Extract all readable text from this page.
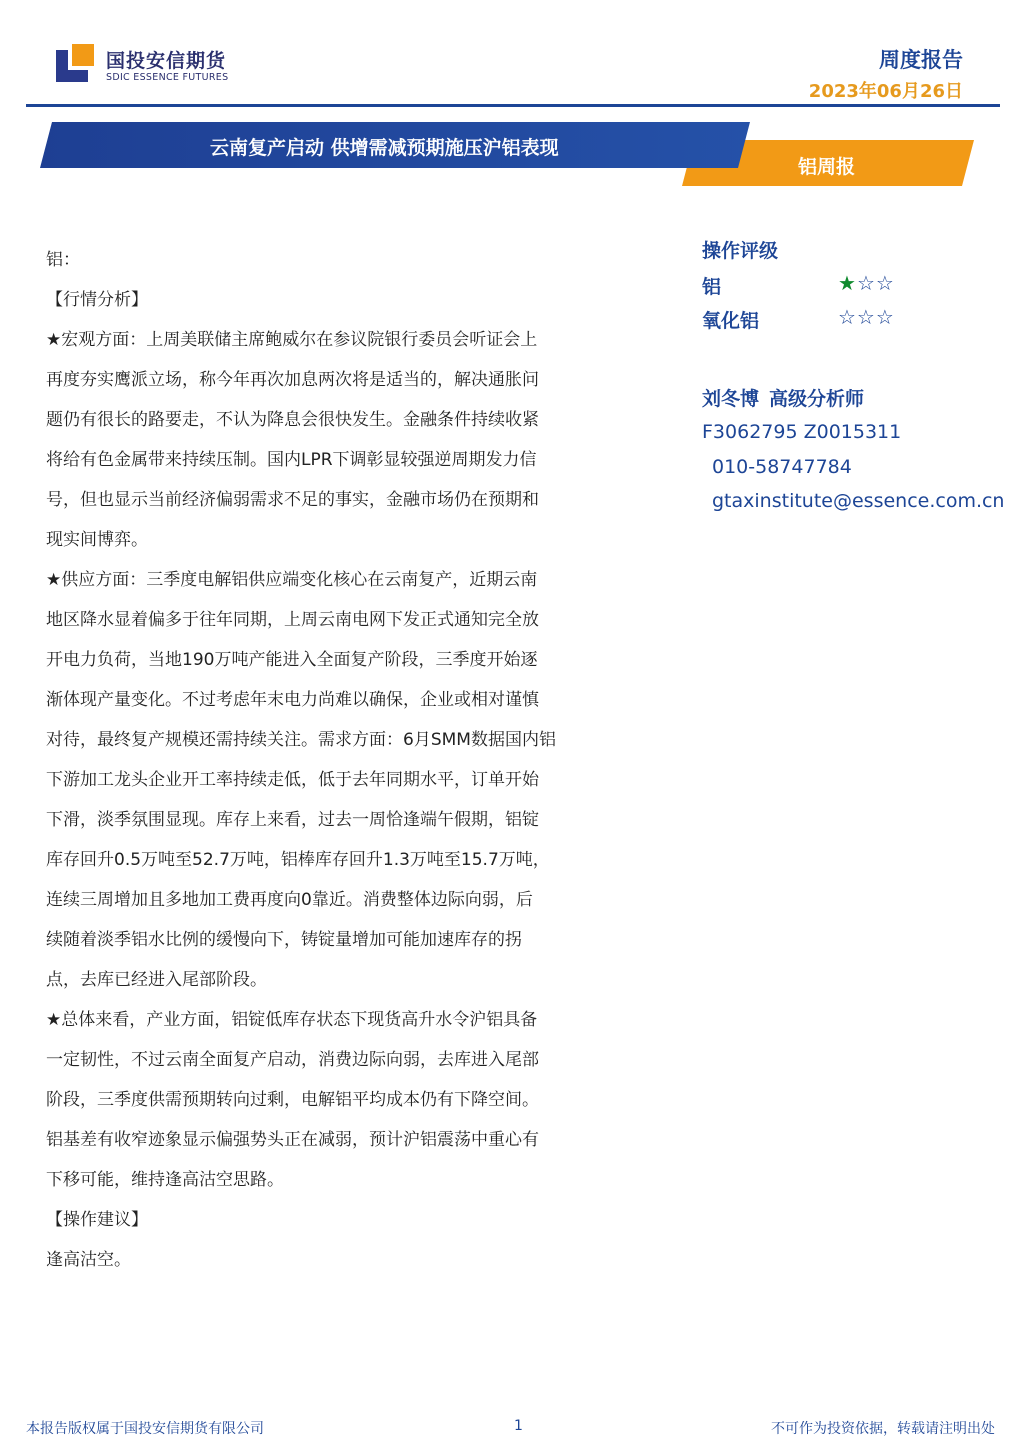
国投安信期货
SDIC ESSENCE FUTURES
周度报告
2023年06月26日
云南复产启动 供增需减预期施压沪铝表现
铝周报
铝：
【行情分析】
★宏观方面：上周美联储主席鲍威尔在参议院银行委员会听证会上
再度夯实鹰派立场，称今年再次加息两次将是适当的，解决通胀问
题仍有很长的路要走，不认为降息会很快发生。金融条件持续收紧
将给有色金属带来持续压制。国内LPR下调彰显较强逆周期发力信
号，但也显示当前经济偏弱需求不足的事实，金融市场仍在预期和
现实间博弈。
★供应方面：三季度电解铝供应端变化核心在云南复产，近期云南
地区降水显着偏多于往年同期，上周云南电网下发正式通知完全放
开电力负荷，当地190万吨产能进入全面复产阶段，三季度开始逐
渐体现产量变化。不过考虑年末电力尚难以确保，企业或相对谨慎
对待，最终复产规模还需持续关注。需求方面：6月SMM数据国内铝
下游加工龙头企业开工率持续走低，低于去年同期水平，订单开始
下滑，淡季氛围显现。库存上来看，过去一周恰逢端午假期，铝锭
库存回升0.5万吨至52.7万吨，铝棒库存回升1.3万吨至15.7万吨，
连续三周增加且多地加工费再度向0靠近。消费整体边际向弱，后
续随着淡季铝水比例的缓慢向下，铸锭量增加可能加速库存的拐
点，去库已经进入尾部阶段。
★总体来看，产业方面，铝锭低库存状态下现货高升水令沪铝具备
一定韧性，不过云南全面复产启动，消费边际向弱，去库进入尾部
阶段，三季度供需预期转向过剩，电解铝平均成本仍有下降空间。
铝基差有收窄迹象显示偏强势头正在减弱，预计沪铝震荡中重心有
下移可能，维持逢高沽空思路。
【操作建议】
逢高沽空。
操作评级
铝	★☆☆
氧化铝	☆☆☆
刘冬博 高级分析师
F3062795 Z0015311
010-58747784
gtaxinstitute@essence.com.cn
本报告版权属于国投安信期货有限公司	1	不可作为投资依据，转载请注明出处
